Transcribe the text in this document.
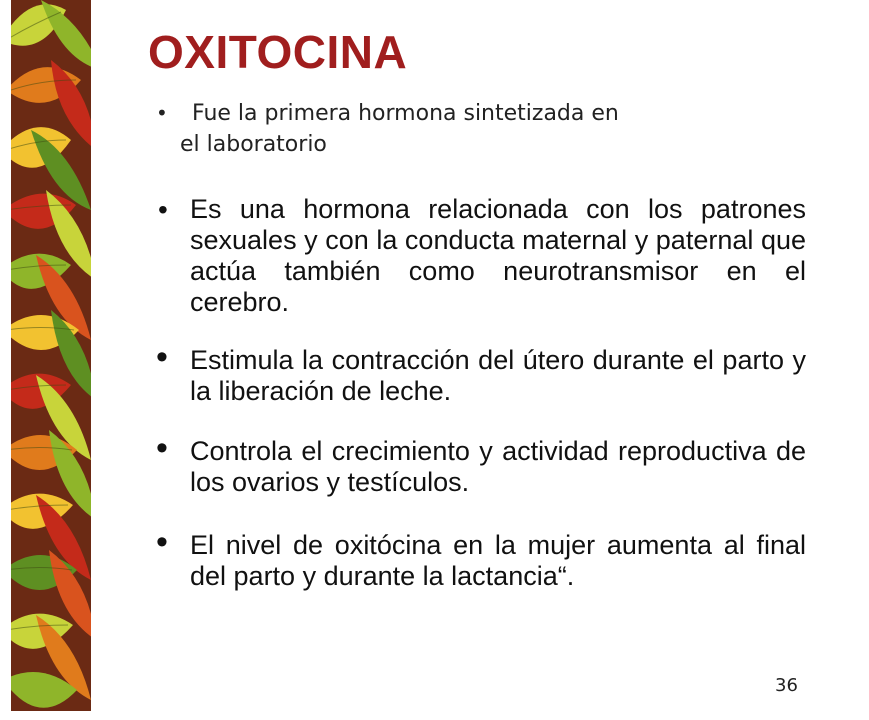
OXITOCINA
•	Fue la primera hormona sintetizada en
el laboratorio
• Es una hormona relacionada con los patrones sexuales y con la conducta maternal y paternal que actúa también como neurotransmisor en el cerebro.
• Estimula la contracción del útero durante el parto y la liberación de leche.
• Controla el crecimiento y actividad reproductiva de los ovarios y testículos.
• El nivel de oxitócina en la mujer aumenta al final del parto y durante la lactancia“.
36
